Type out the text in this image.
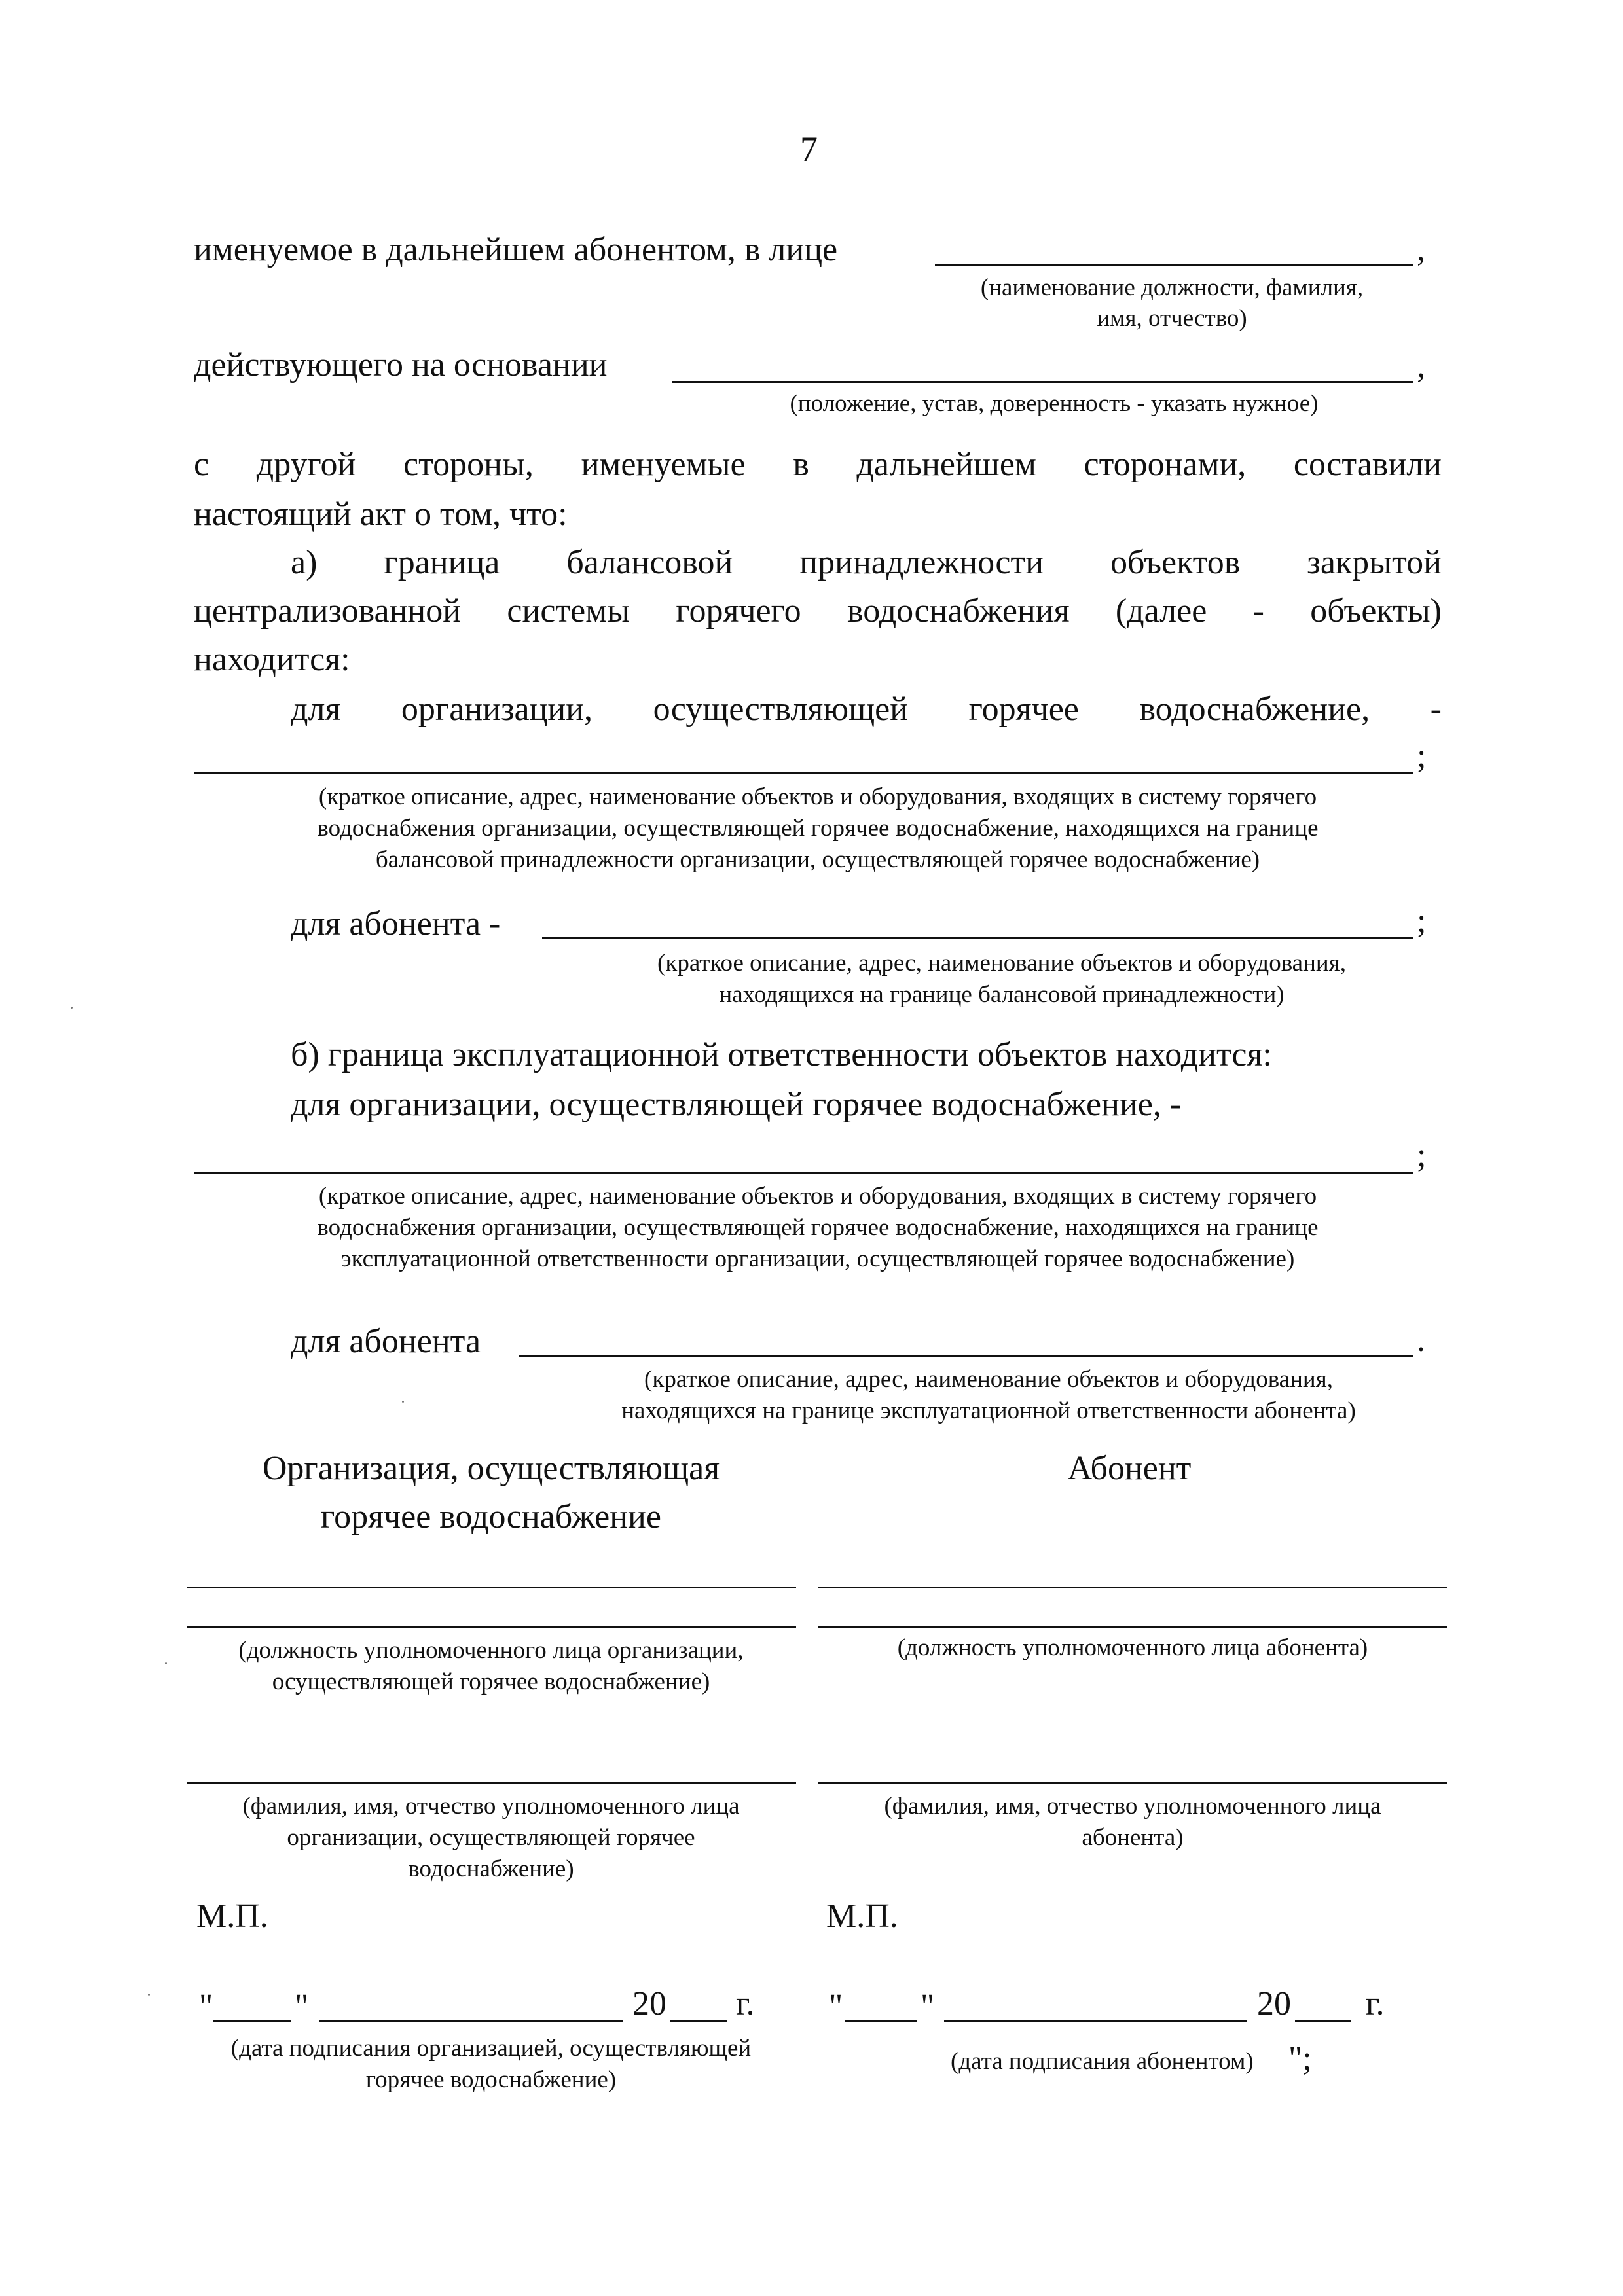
7
именуемое в дальнейшем абонентом, в лице	,
(наименование должности, фамилия,
имя, отчество)
действующего на основании	,
(положение, устав, доверенность - указать нужное)
с другой стороны, именуемые в дальнейшем сторонами, составили
настоящий акт о том, что:
а) граница балансовой принадлежности объектов закрытой
централизованной системы горячего водоснабжения (далее - объекты)
находится:
для организации, осуществляющей горячее водоснабжение, -
;
(краткое описание, адрес, наименование объектов и оборудования, входящих в систему горячего
водоснабжения организации, осуществляющей горячее водоснабжение, находящихся на границе
балансовой принадлежности организации, осуществляющей горячее водоснабжение)
для абонента -	;
(краткое описание, адрес, наименование объектов и оборудования,
находящихся на границе балансовой принадлежности)
б) граница эксплуатационной ответственности объектов находится:
для организации, осуществляющей горячее водоснабжение, -
;
(краткое описание, адрес, наименование объектов и оборудования, входящих в систему горячего
водоснабжения организации, осуществляющей горячее водоснабжение, находящихся на границе
эксплуатационной ответственности организации, осуществляющей горячее водоснабжение)
для абонента	.
(краткое описание, адрес, наименование объектов и оборудования,
находящихся на границе эксплуатационной ответственности абонента)
Организация, осуществляющая
горячее водоснабжение
(должность уполномоченного лица организации,
осуществляющей горячее водоснабжение)
(фамилия, имя, отчество уполномоченного лица
организации, осуществляющей горячее
водоснабжение)
М.П.
" "	20 г.
(дата подписания организацией, осуществляющей
горячее водоснабжение)
Абонент
(должность уполномоченного лица абонента)
(фамилия, имя, отчество уполномоченного лица
абонента)
М.П.
" "	20 г.
(дата подписания абонентом) ";
